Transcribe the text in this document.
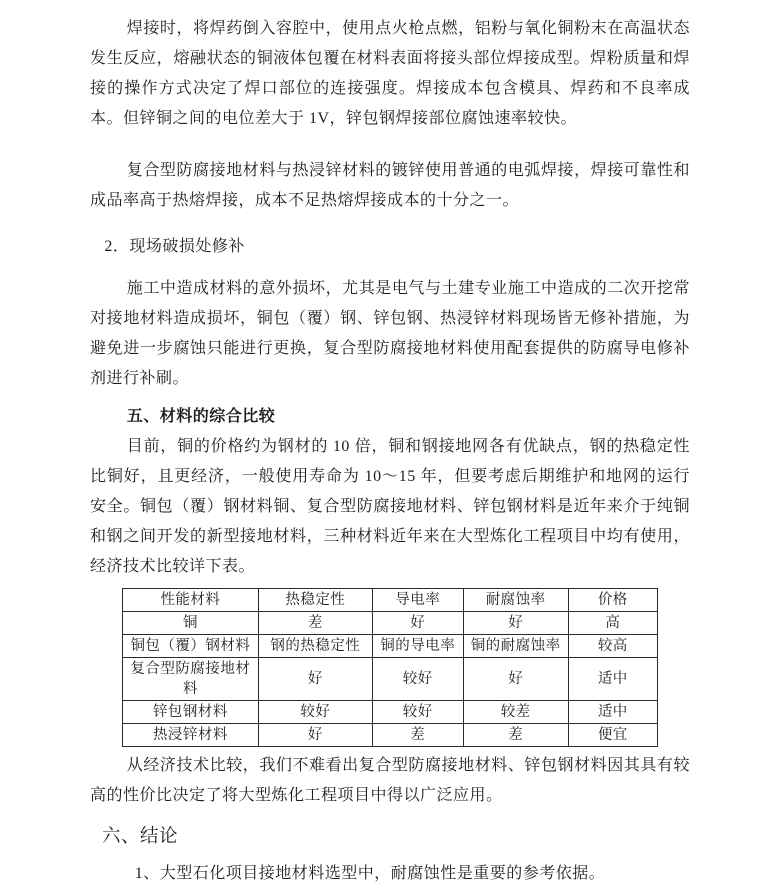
焊接时，将焊药倒入容腔中，使用点火枪点燃，铝粉与氧化铜粉末在高温状态发生反应，熔融状态的铜液体包覆在材料表面将接头部位焊接成型。焊粉质量和焊接的操作方式决定了焊口部位的连接强度。焊接成本包含模具、焊药和不良率成本。但锌铜之间的电位差大于 1V，锌包钢焊接部位腐蚀速率较快。

复合型防腐接地材料与热浸锌材料的镀锌使用普通的电弧焊接，焊接可靠性和成品率高于热熔焊接，成本不足热熔焊接成本的十分之一。

2．现场破损处修补

施工中造成材料的意外损坏，尤其是电气与土建专业施工中造成的二次开挖常对接地材料造成损坏，铜包（覆）钢、锌包钢、热浸锌材料现场皆无修补措施，为避免进一步腐蚀只能进行更换，复合型防腐接地材料使用配套提供的防腐导电修补剂进行补刷。

五、材料的综合比较

目前，铜的价格约为钢材的 10 倍，铜和钢接地网各有优缺点，钢的热稳定性比铜好，且更经济，一般使用寿命为 10～15 年，但要考虑后期维护和地网的运行安全。铜包（覆）钢材料铜、复合型防腐接地材料、锌包钢材料是近年来介于纯铜和钢之间开发的新型接地材料，三种材料近年来在大型炼化工程项目中均有使用，经济技术比较详下表。

性能材料	热稳定性	导电率	耐腐蚀率	价格
铜	差	好	好	高
铜包（覆）钢材料	钢的热稳定性	铜的导电率	铜的耐腐蚀率	较高
复合型防腐接地材料	好	较好	好	适中
锌包钢材料	较好	较好	较差	适中
热浸锌材料	好	差	差	便宜

从经济技术比较，我们不难看出复合型防腐接地材料、锌包钢材料因其具有较高的性价比决定了将大型炼化工程项目中得以广泛应用。

六、结论

1、大型石化项目接地材料选型中，耐腐蚀性是重要的参考依据。
